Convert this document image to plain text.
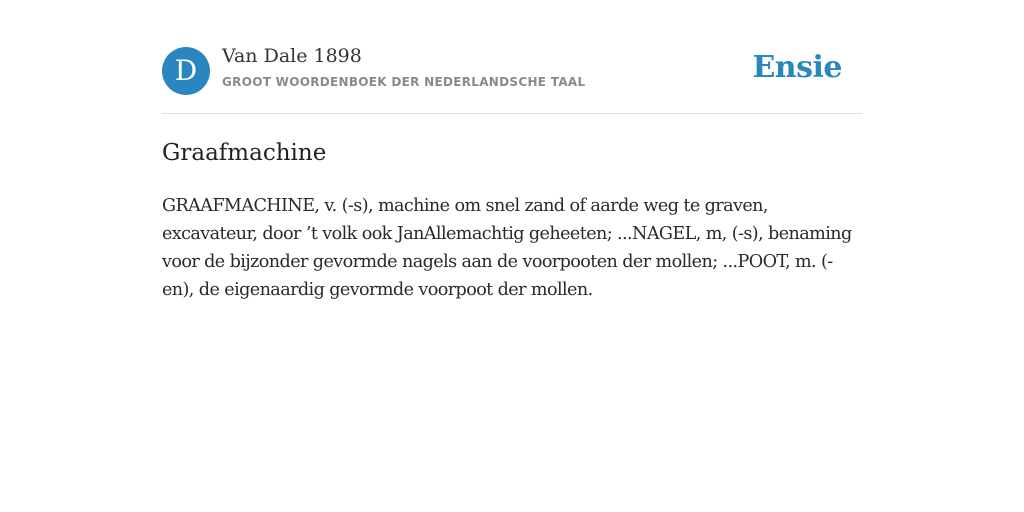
D	Van Dale 1898
GROOT WOORDENBOEK DER NEDERLANDSCHE TAAL	Ensie
Graafmachine

GRAAFMACHINE, v. (-s), machine om snel zand of aarde weg te graven, excavateur, door ’t volk ook JanAllemachtig geheeten; ...NAGEL, m, (-s), benaming voor de bijzonder gevormde nagels aan de voorpooten der mollen; ...POOT, m. (-en), de eigenaardig gevormde voorpoot der mollen.
